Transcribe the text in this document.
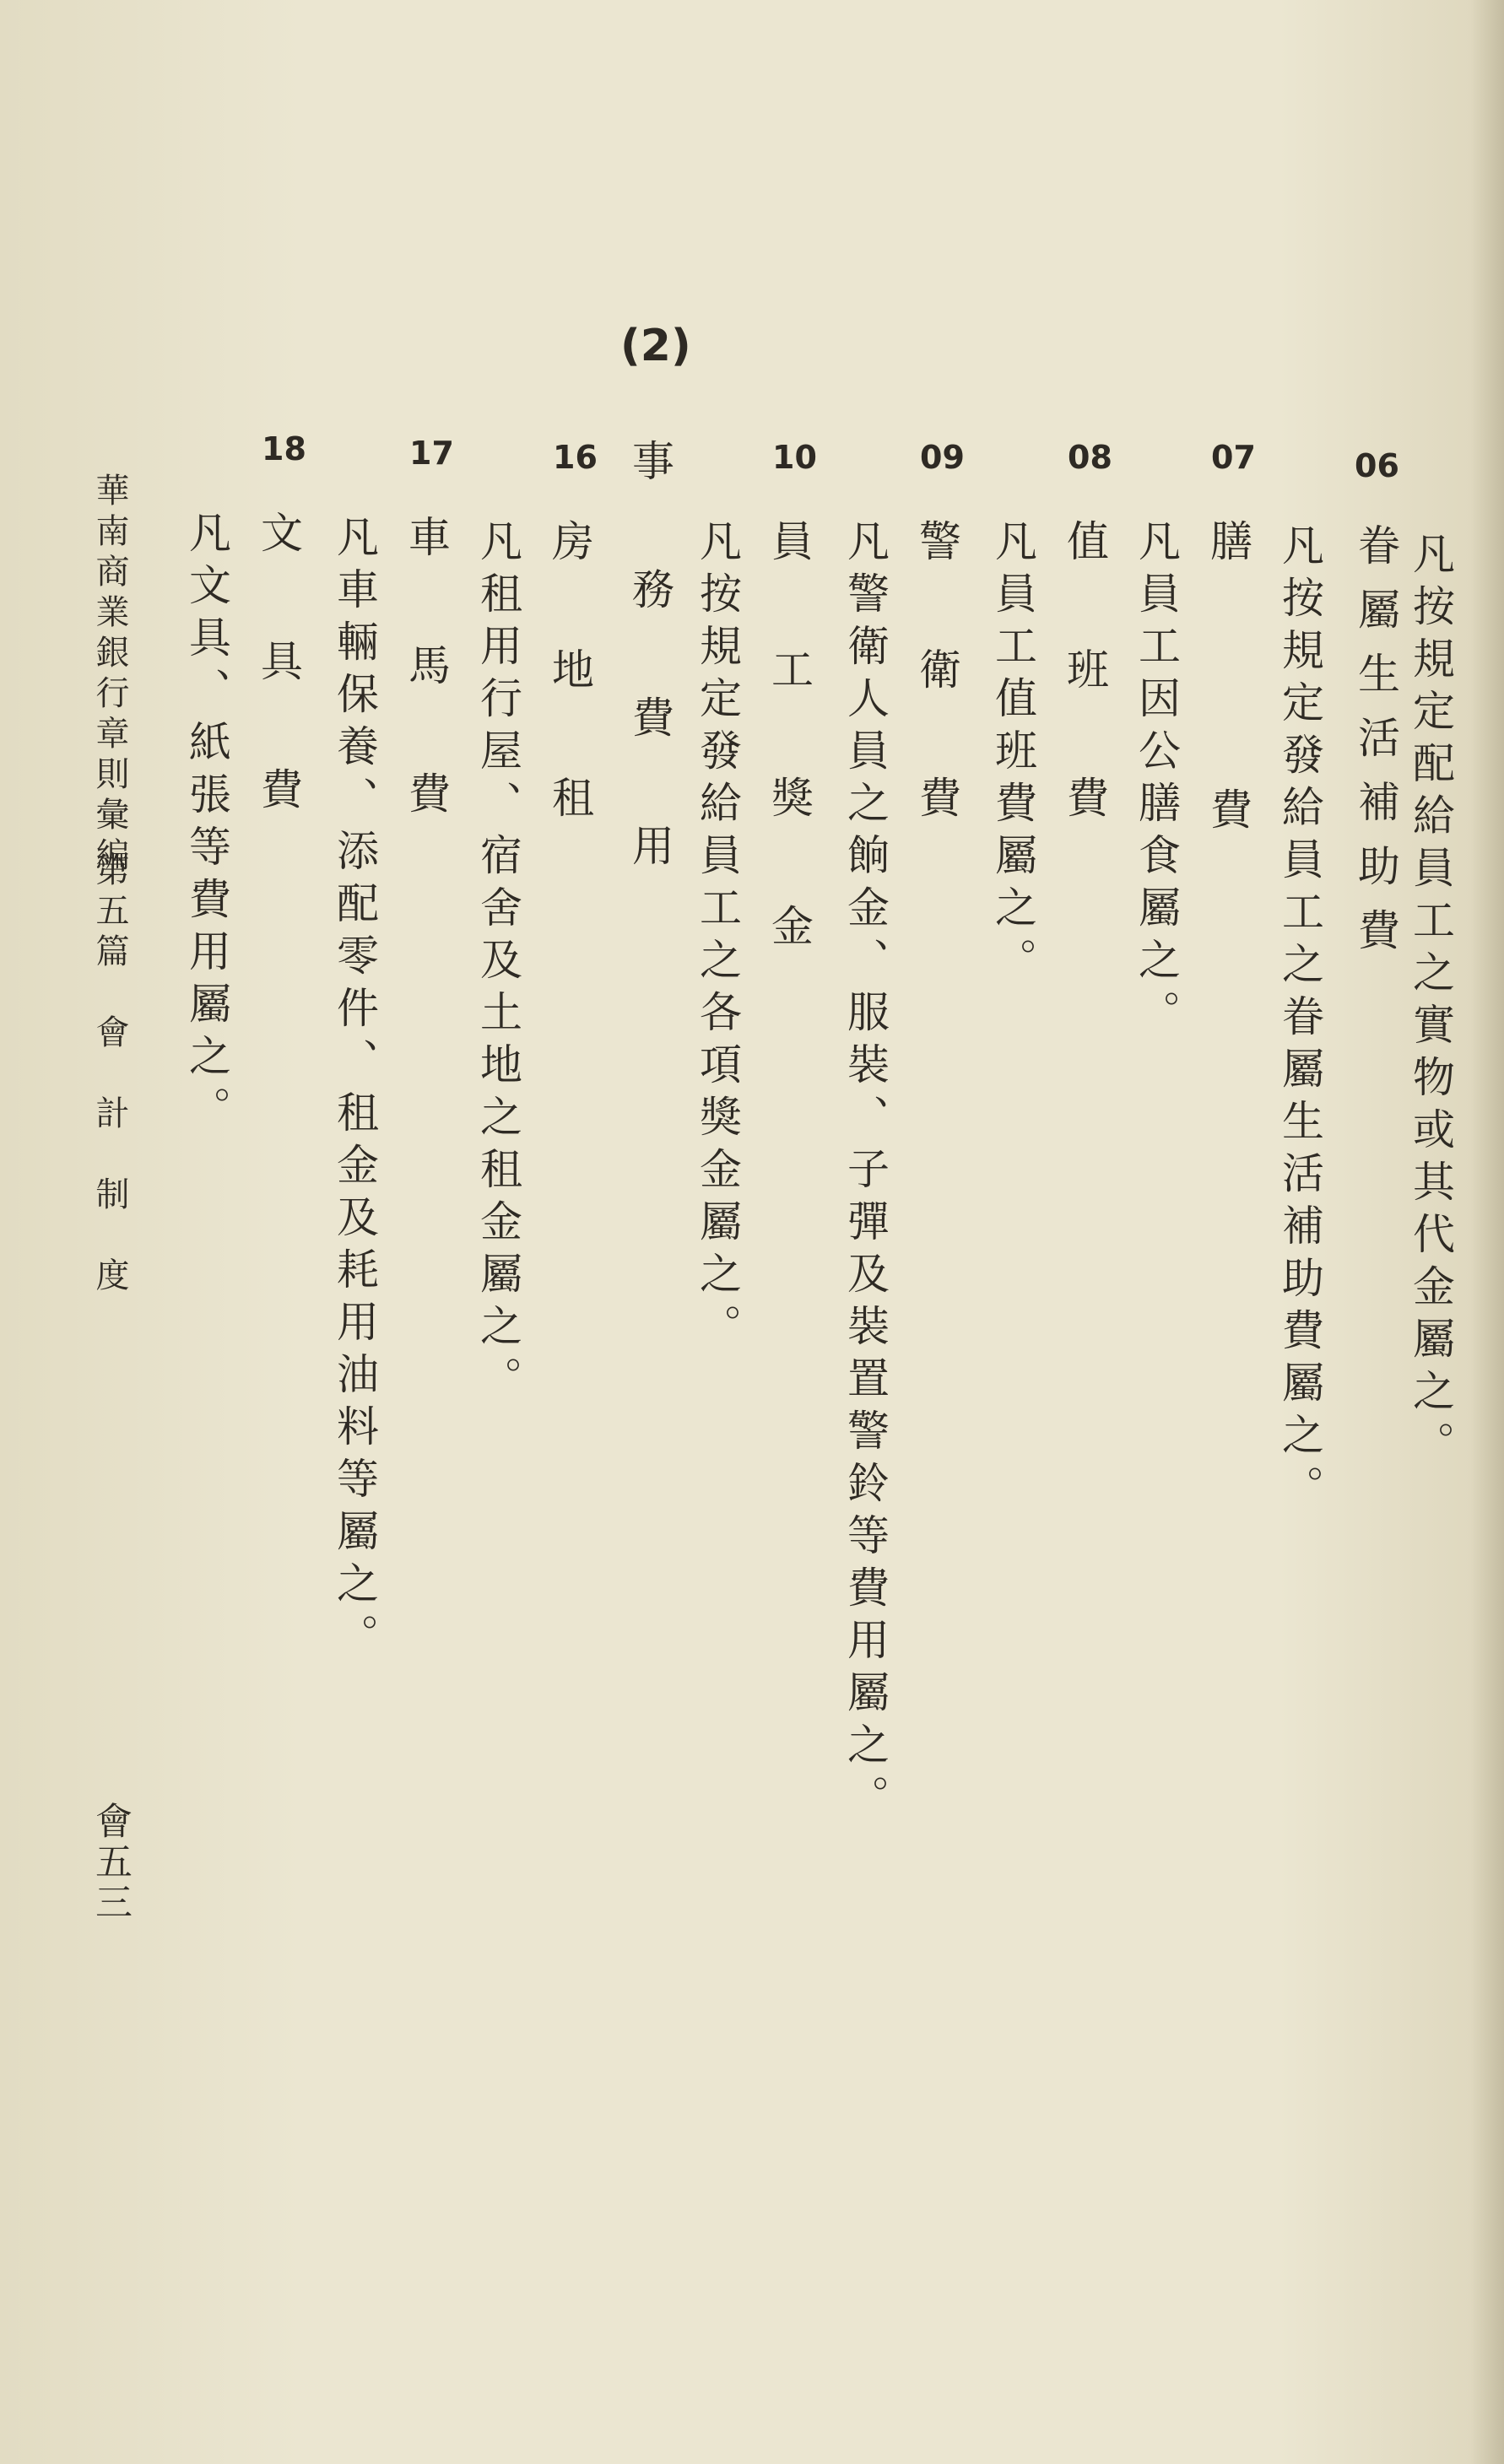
凡按規定配給員工之實物或其代金屬之。
06
眷屬生活補助費
凡按規定發給員工之眷屬生活補助費屬之。
07
膳　　費
凡員工因公膳食屬之。
08
值　班　費
凡員工值班費屬之。
09
警　衛　費
凡警衛人員之餉金、服裝、子彈及裝置警鈴等費用屬之。
10
員　工　獎　金
凡按規定發給員工之各項獎金屬之。
(2)
事　務　費　用
16
房　地　租
凡租用行屋、宿舍及土地之租金屬之。
17
車　馬　費
凡車輛保養、添配零件、租金及耗用油料等屬之。
18
文　具　費
凡文具、紙張等費用屬之。
華南商業銀行章則彙編
第五篇　會　計　制　度
會五三
